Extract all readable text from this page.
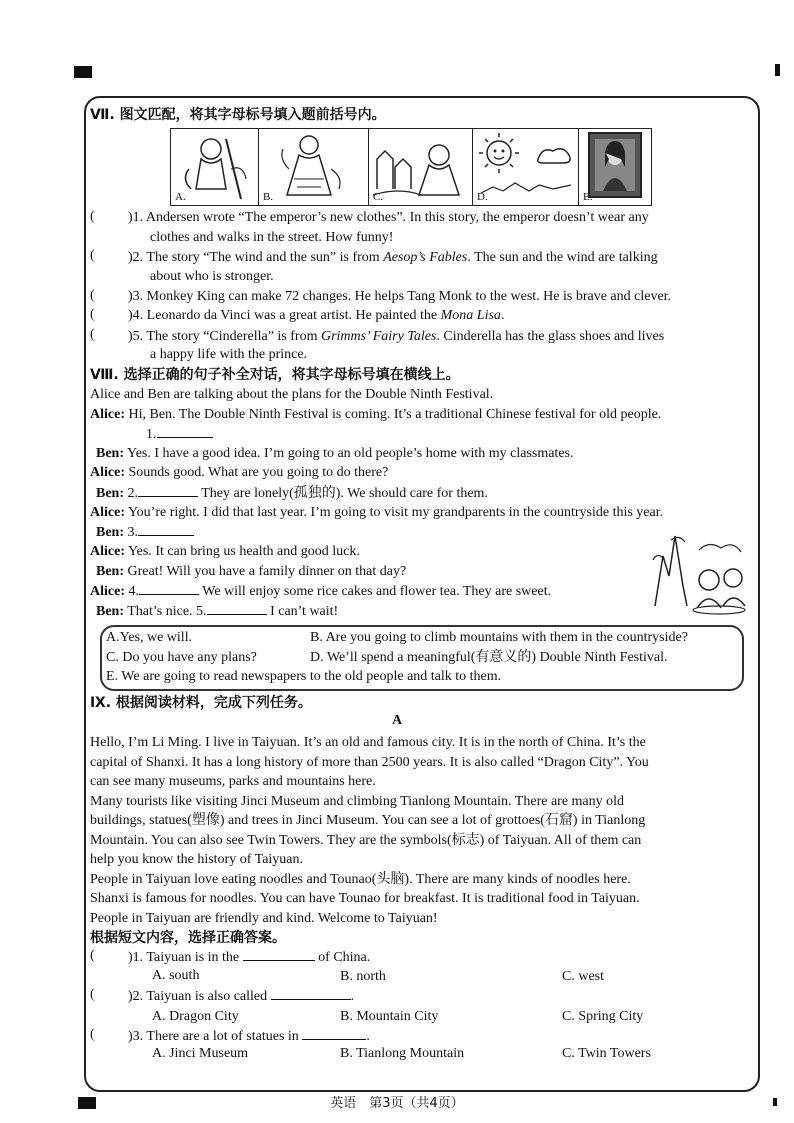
Ⅶ. 图文匹配，将其字母标号填入题前括号内。
A.	B.	C.	D.	E.
( )1. Andersen wrote “The emperor’s new clothes”. In this story, the emperor doesn’t wear any
clothes and walks in the street. How funny!
( )2. The story “The wind and the sun” is from Aesop’s Fables. The sun and the wind are talking
about who is stronger.
( )3. Monkey King can make 72 changes. He helps Tang Monk to the west. He is brave and clever.
( )4. Leonardo da Vinci was a great artist. He painted the Mona Lisa.
( )5. The story “Cinderella” is from Grimms’ Fairy Tales. Cinderella has the glass shoes and lives
a happy life with the prince.
Ⅷ. 选择正确的句子补全对话，将其字母标号填在横线上。
Alice and Ben are talking about the plans for the Double Ninth Festival.
Alice: Hi, Ben. The Double Ninth Festival is coming. It’s a traditional Chinese festival for old people.
1.
Ben: Yes. I have a good idea. I’m going to an old people’s home with my classmates.
Alice: Sounds good. What are you going to do there?
Ben: 2.	They are lonely(孤独的). We should care for them.
Alice: You’re right. I did that last year. I’m going to visit my grandparents in the countryside this year.
Ben: 3.
Alice: Yes. It can bring us health and good luck.
Ben: Great! Will you have a family dinner on that day?
Alice: 4.	We will enjoy some rice cakes and flower tea. They are sweet.
Ben: That’s nice. 5.	I can’t wait!
A.Yes, we will.	B. Are you going to climb mountains with them in the countryside?
C. Do you have any plans?	D. We’ll spend a meaningful(有意义的) Double Ninth Festival.
E. We are going to read newspapers to the old people and talk to them.
Ⅸ. 根据阅读材料，完成下列任务。
A
Hello, I’m Li Ming. I live in Taiyuan. It’s an old and famous city. It is in the north of China. It’s the
capital of Shanxi. It has a long history of more than 2500 years. It is also called “Dragon City”. You
can see many museums, parks and mountains here.
Many tourists like visiting Jinci Museum and climbing Tianlong Mountain. There are many old
buildings, statues(塑像) and trees in Jinci Museum. You can see a lot of grottoes(石窟) in Tianlong
Mountain. You can also see Twin Towers. They are the symbols(标志) of Taiyuan. All of them can
help you know the history of Taiyuan.
People in Taiyuan love eating noodles and Tounao(头脑). There are many kinds of noodles here.
Shanxi is famous for noodles. You can have Tounao for breakfast. It is traditional food in Taiyuan.
People in Taiyuan are friendly and kind. Welcome to Taiyuan!
根据短文内容，选择正确答案。
( )1. Taiyuan is in the	of China.
A. south	B. north	C. west
( )2. Taiyuan is also called	.
A. Dragon City	B. Mountain City	C. Spring City
( )3. There are a lot of statues in	.
A. Jinci Museum	B. Tianlong Mountain	C. Twin Towers
英语　第3页（共4页）
